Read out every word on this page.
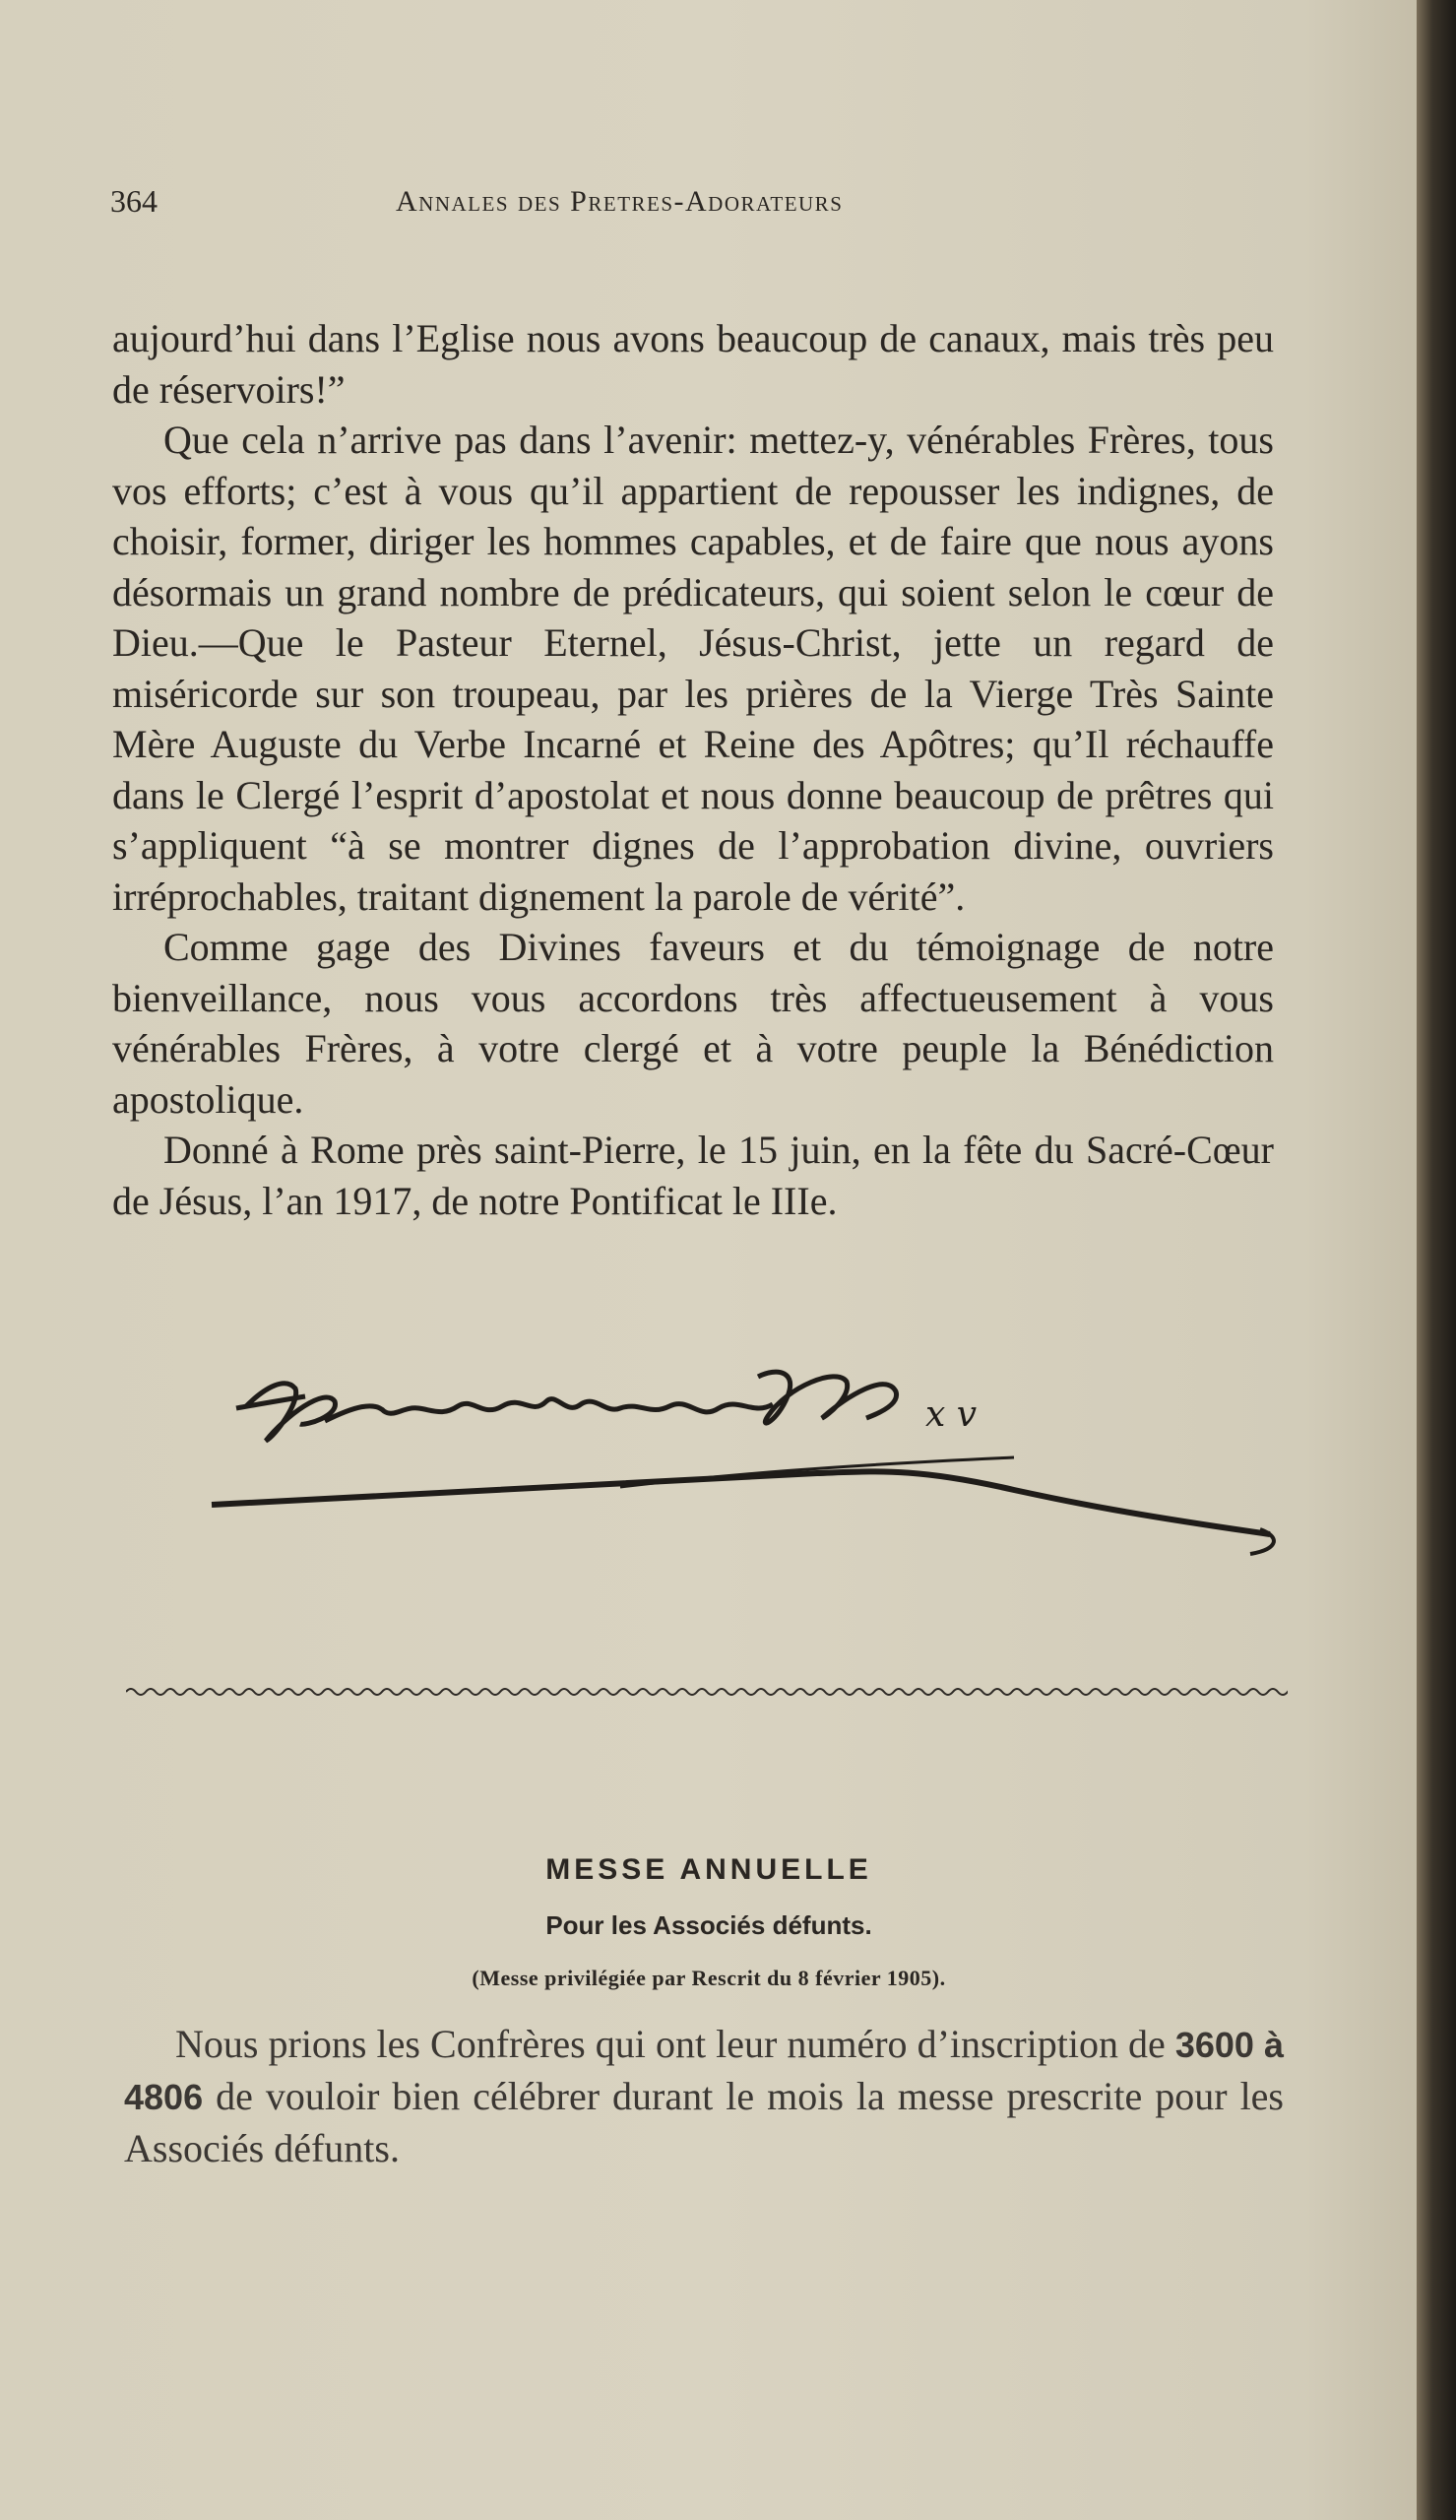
364	Annales des Pretres-Adorateurs

aujourd’hui dans l’Eglise nous avons beaucoup de canaux, mais très peu de réservoirs!”

Que cela n’arrive pas dans l’avenir: mettez-y, vénérables Frères, tous vos efforts; c’est à vous qu’il appartient de repousser les indignes, de choisir, former, diriger les hommes capables, et de faire que nous ayons désormais un grand nombre de prédicateurs, qui soient selon le cœur de Dieu.—Que le Pasteur Eternel, Jésus-Christ, jette un regard de miséricorde sur son troupeau, par les prières de la Vierge Très Sainte Mère Auguste du Verbe Incarné et Reine des Apôtres; qu’Il réchauffe dans le Clergé l’esprit d’apostolat et nous donne beaucoup de prêtres qui s’appliquent “à se montrer dignes de l’approbation divine, ouvriers irréprochables, traitant dignement la parole de vérité”.

Comme gage des Divines faveurs et du témoignage de notre bienveillance, nous vous accordons très affectueusement à vous vénérables Frères, à votre clergé et à votre peuple la Bénédiction apostolique.

Donné à Rome près saint-Pierre, le 15 juin, en la fête du Sacré-Cœur de Jésus, l’an 1917, de notre Pontificat le IIIe.

x v
MESSE ANNUELLE
Pour les Associés défunts.
(Messe privilégiée par Rescrit du 8 février 1905).

Nous prions les Confrères qui ont leur numéro d’inscription de 3600 à 4806 de vouloir bien célébrer durant le mois la messe prescrite pour les Associés défunts.
